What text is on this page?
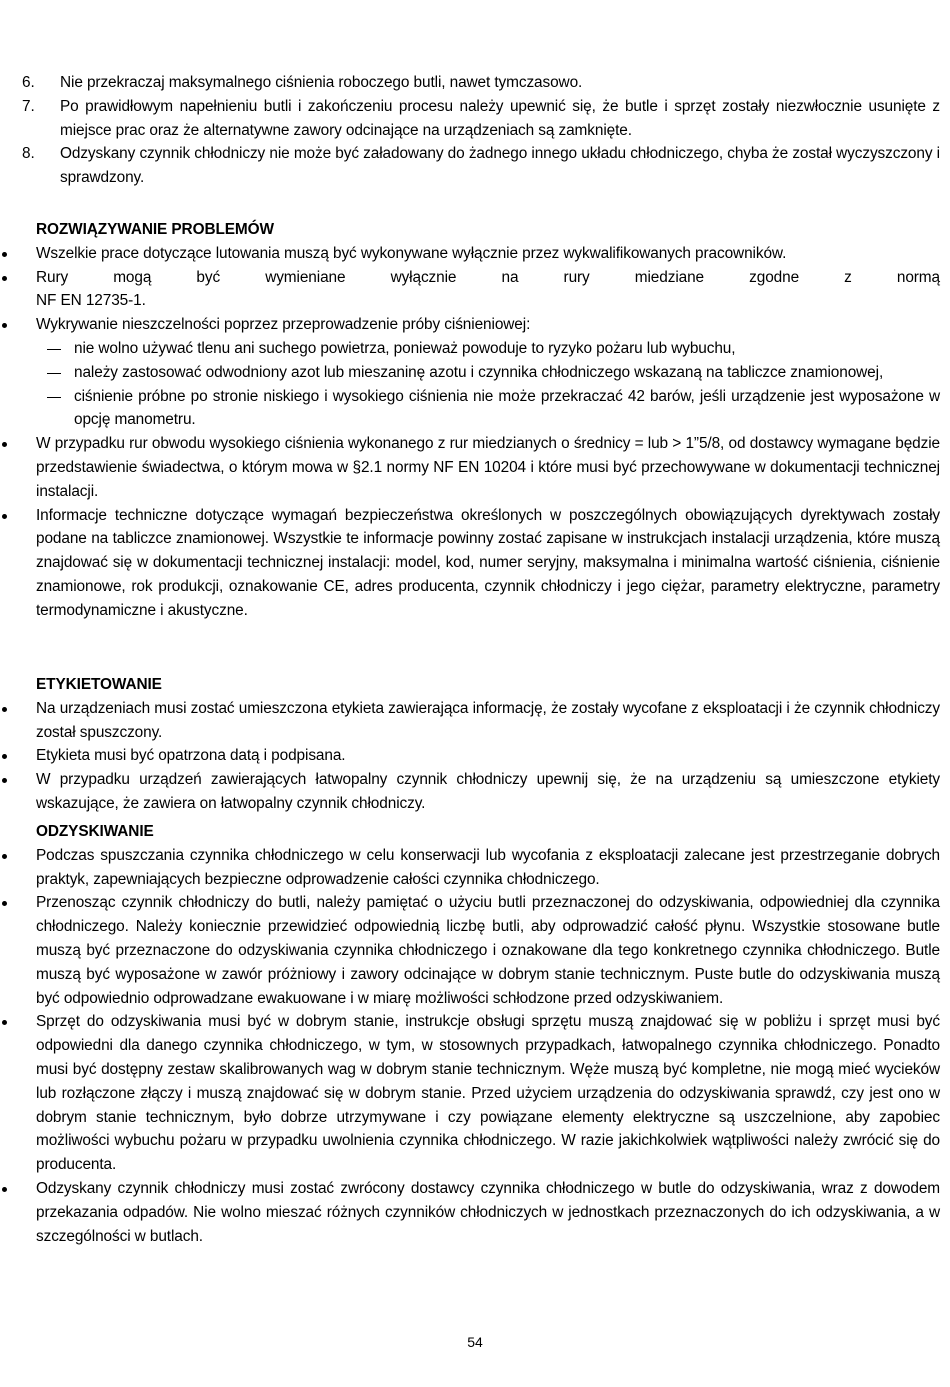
6. Nie przekraczaj maksymalnego ciśnienia roboczego butli, nawet tymczasowo.
7. Po prawidłowym napełnieniu butli i zakończeniu procesu należy upewnić się, że butle i sprzęt zostały niezwłocznie usunięte z miejsce prac oraz że alternatywne zawory odcinające na urządzeniach są zamknięte.
8. Odzyskany czynnik chłodniczy nie może być załadowany do żadnego innego układu chłodniczego, chyba że został wyczyszczony i sprawdzony.
ROZWIĄZYWANIE PROBLEMÓW
Wszelkie prace dotyczące lutowania muszą być wykonywane wyłącznie przez wykwalifikowanych pracowników.
Rury mogą być wymieniane wyłącznie na rury miedziane zgodne z normą
NF EN 12735-1.
Wykrywanie nieszczelności poprzez przeprowadzenie próby ciśnieniowej:
nie wolno używać tlenu ani suchego powietrza, ponieważ powoduje to ryzyko pożaru lub wybuchu,
należy zastosować odwodniony azot lub mieszaninę azotu i czynnika chłodniczego wskazaną na tabliczce znamionowej,
ciśnienie próbne po stronie niskiego i wysokiego ciśnienia nie może przekraczać 42 barów, jeśli urządzenie jest wyposażone w opcję manometru.
W przypadku rur obwodu wysokiego ciśnienia wykonanego z rur miedzianych o średnicy = lub > 1”5/8, od dostawcy wymagane będzie przedstawienie świadectwa, o którym mowa w §2.1 normy NF EN 10204 i które musi być przechowywane w dokumentacji technicznej instalacji.
Informacje techniczne dotyczące wymagań bezpieczeństwa określonych w poszczególnych obowiązujących dyrektywach zostały podane na tabliczce znamionowej. Wszystkie te informacje powinny zostać zapisane w instrukcjach instalacji urządzenia, które muszą znajdować się w dokumentacji technicznej instalacji: model, kod, numer seryjny, maksymalna i minimalna wartość ciśnienia, ciśnienie znamionowe, rok produkcji, oznakowanie CE, adres producenta, czynnik chłodniczy i jego ciężar, parametry elektryczne, parametry termodynamiczne i akustyczne.
ETYKIETOWANIE
Na urządzeniach musi zostać umieszczona etykieta zawierająca informację, że zostały wycofane z eksploatacji i że czynnik chłodniczy został spuszczony.
Etykieta musi być opatrzona datą i podpisana.
W przypadku urządzeń zawierających łatwopalny czynnik chłodniczy upewnij się, że na urządzeniu są umieszczone etykiety wskazujące, że zawiera on łatwopalny czynnik chłodniczy.
ODZYSKIWANIE
Podczas spuszczania czynnika chłodniczego w celu konserwacji lub wycofania z eksploatacji zalecane jest przestrzeganie dobrych praktyk, zapewniających bezpieczne odprowadzenie całości czynnika chłodniczego.
Przenosząc czynnik chłodniczy do butli, należy pamiętać o użyciu butli przeznaczonej do odzyskiwania, odpowiedniej dla czynnika chłodniczego. Należy koniecznie przewidzieć odpowiednią liczbę butli, aby odprowadzić całość płynu. Wszystkie stosowane butle muszą być przeznaczone do odzyskiwania czynnika chłodniczego i oznakowane dla tego konkretnego czynnika chłodniczego. Butle muszą być wyposażone w zawór próżniowy i zawory odcinające w dobrym stanie technicznym. Puste butle do odzyskiwania muszą być odpowiednio odprowadzane ewakuowane i w miarę możliwości schłodzone przed odzyskiwaniem.
Sprzęt do odzyskiwania musi być w dobrym stanie, instrukcje obsługi sprzętu muszą znajdować się w pobliżu i sprzęt musi być odpowiedni dla danego czynnika chłodniczego, w tym, w stosownych przypadkach, łatwopalnego czynnika chłodniczego. Ponadto musi być dostępny zestaw skalibrowanych wag w dobrym stanie technicznym. Węże muszą być kompletne, nie mogą mieć wycieków lub rozłączone złączy i muszą znajdować się w dobrym stanie. Przed użyciem urządzenia do odzyskiwania sprawdź, czy jest ono w dobrym stanie technicznym, było dobrze utrzymywane i czy powiązane elementy elektryczne są uszczelnione, aby zapobiec możliwości wybuchu pożaru w przypadku uwolnienia czynnika chłodniczego. W razie jakichkolwiek wątpliwości należy zwrócić się do producenta.
Odzyskany czynnik chłodniczy musi zostać zwrócony dostawcy czynnika chłodniczego w butle do odzyskiwania, wraz z dowodem przekazania odpadów. Nie wolno mieszać różnych czynników chłodniczych w jednostkach przeznaczonych do ich odzyskiwania, a w szczególności w butlach.
54
